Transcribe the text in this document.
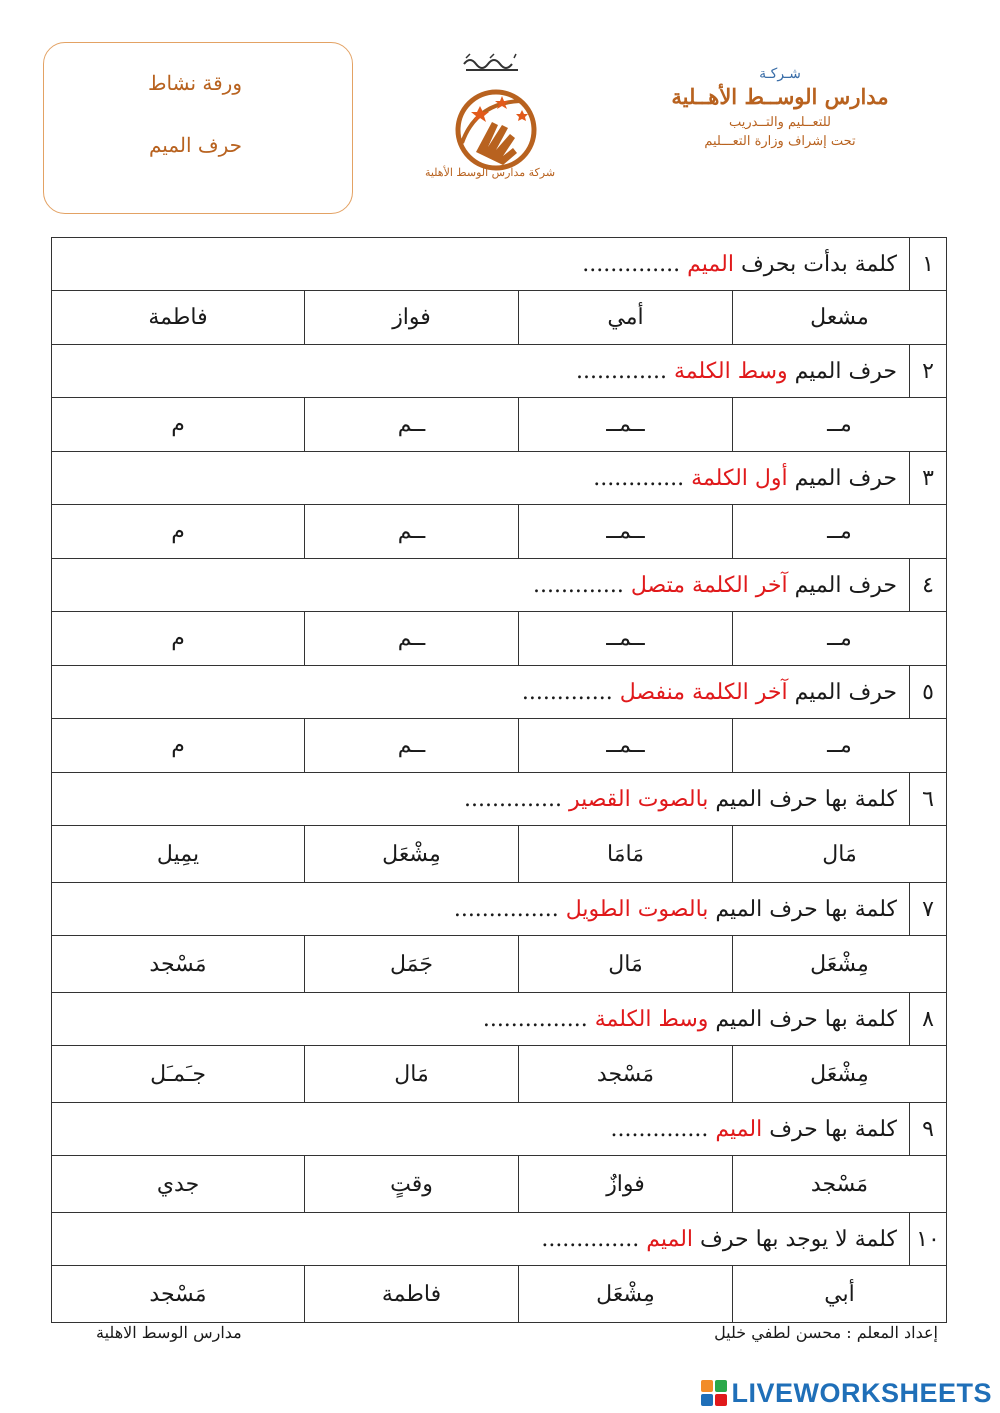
ورقة نشاط
حرف الميم
شركة مدارس الوسط الأهلية
شـركـة
مدارس الوســط الأهــلية
للتعــليم والتــدريب
تحت إشراف وزارة التعـــليم
١	كلمة بدأت بحرف الميم ..............			
مشعل		أمي	فواز	فاطمة
٢	حرف الميم وسط الكلمة .............			
مــ		ــمــ	ــم	م
٣	حرف الميم أول الكلمة .............			
مــ		ــمــ	ــم	م
٤	حرف الميم آخر الكلمة متصل .............			
مــ		ــمــ	ــم	م
٥	حرف الميم آخر الكلمة منفصل .............			
مــ		ــمــ	ــم	م
٦	كلمة بها حرف الميم بالصوت القصير ..............			
مَال		مَامَا	مِشْعَل	يمِيل
٧	كلمة بها حرف الميم بالصوت الطويل ...............			
مِشْعَل		مَال	جَمَل	مَسْجد
٨	كلمة بها حرف الميم وسط الكلمة ...............			
مِشْعَل		مَسْجد	مَال	جـَمـَل
٩	كلمة بها حرف الميم ..............			
مَسْجد		فوازٌ	وقتٍ	جدي
١٠	كلمة لا يوجد بها حرف الميم ..............			
أبي		مِشْعَل	فاطمة	مَسْجد
إعداد المعلم : محسن لطفي خليل
مدارس الوسط الاهلية
LIVEWORKSHEETS
